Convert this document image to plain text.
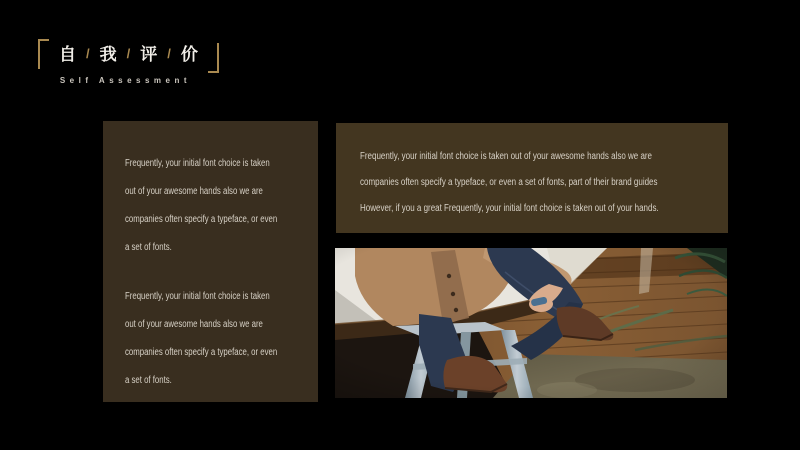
自 / 我 / 评 / 价
Self Assessment

Frequently, your initial font choice is taken
out of your awesome hands also we are
companies often specify a typeface, or even
a set of fonts.

Frequently, your initial font choice is taken
out of your awesome hands also we are
companies often specify a typeface, or even
a set of fonts.

Frequently, your initial font choice is taken out of your awesome hands also we are
companies often specify a typeface, or even a set of fonts, part of their brand guides
However, if you a great Frequently, your initial font choice is taken out of your hands.
